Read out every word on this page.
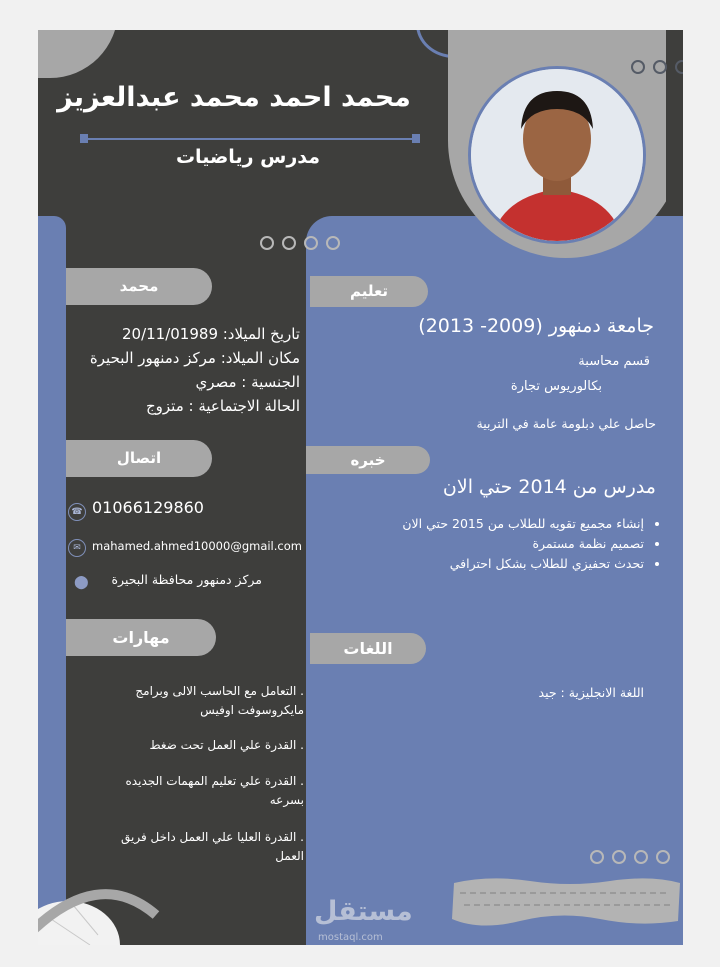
محمد احمد محمد عبدالعزيز
مدرس رياضيات
محمد
تاريخ الميلاد: 20/11/01989
مكان الميلاد: مركز دمنهور البحيرة
الجنسية : مصري
الحالة الاجتماعية : متزوج
اتصال
☎ 01066129860
✉ mahamed.ahmed10000@gmail.com
⬤	مركز دمنهور محافظة البحيرة
مهارات
. التعامل مع الحاسب الالى وبرامج مايكروسوفت اوفيس
. القدرة علي العمل تحت ضغط
. القدرة علي تعليم المهمات الجديده بسرعه
. القدرة العليا علي العمل داخل فريق العمل
تعليم
جامعة دمنهور (2009- 2013)
قسم محاسبة
بكالوريوس تجارة
حاصل علي دبلومة عامة في التربية
خبره
مدرس من 2014 حتي الان
• إنشاء مجميع تقويه للطلاب من 2015 حتي الان
• تصميم نظمة مستمرة
• تحدث تحفيزي للطلاب بشكل احترافي
اللغات
اللغة الانجليزية : جيد
مستقل
mostaql.com
